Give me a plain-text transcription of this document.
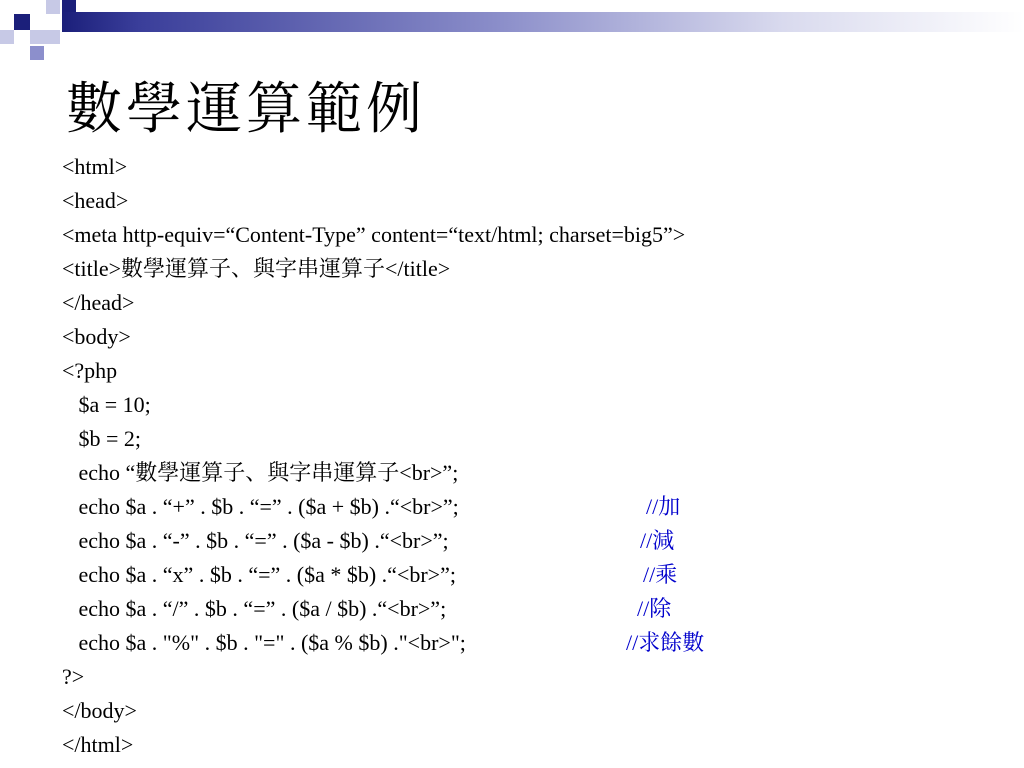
數學運算範例
<html>
<head>
<meta http-equiv=“Content-Type” content=“text/html; charset=big5”>
<title>數學運算子、與字串運算子</title>
</head>
<body>
<?php
$a = 10;
$b = 2;
echo “數學運算子、與字串運算子<br>”;
echo $a . “+” . $b . “=” . ($a + $b) .“<br>”;
echo $a . “-” . $b . “=” . ($a - $b) .“<br>”;
echo $a . “x” . $b . “=” . ($a * $b) .“<br>”;
echo $a . “/” . $b . “=” . ($a / $b) .“<br>”;
echo $a . "%" . $b . "=" . ($a % $b) ."<br>";
?>
</body>
</html>
//加
//減
//乘
//除
//求餘數
